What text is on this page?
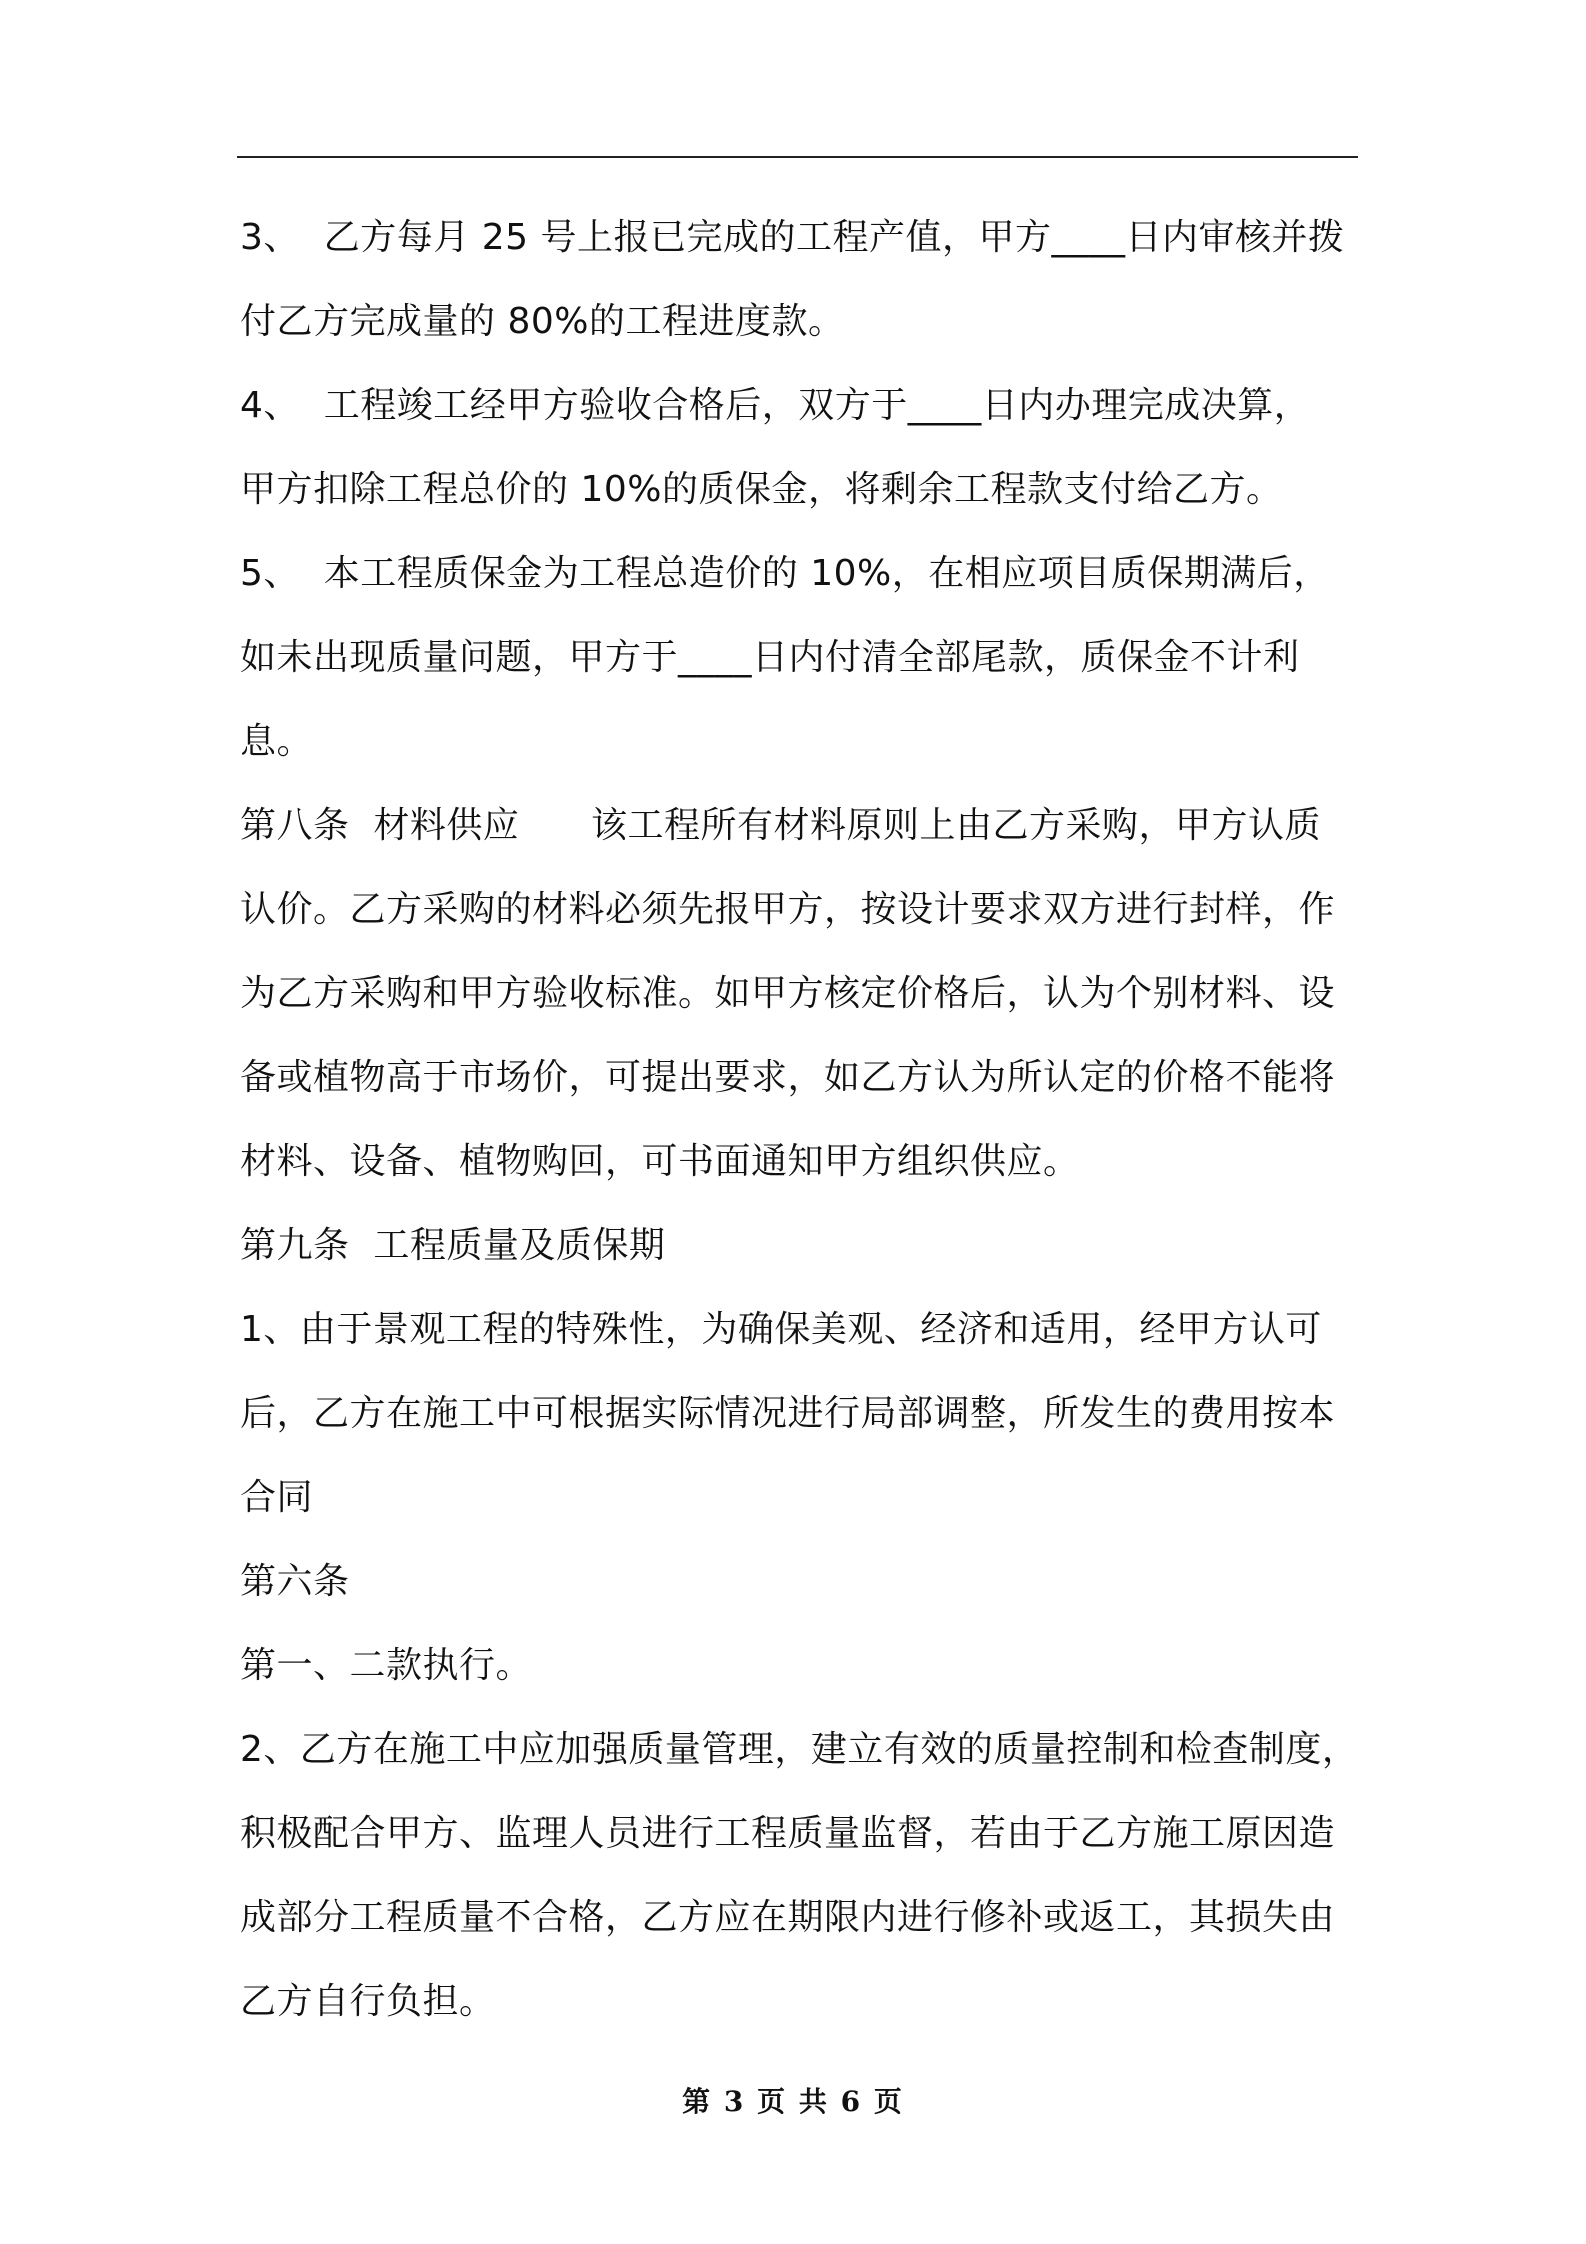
3、  乙方每月 25 号上报已完成的工程产值，甲方____日内审核并拨
付乙方完成量的 80%的工程进度款。
4、  工程竣工经甲方验收合格后，双方于____日内办理完成决算，
甲方扣除工程总价的 10%的质保金，将剩余工程款支付给乙方。
5、  本工程质保金为工程总造价的 10%，在相应项目质保期满后，
如未出现质量问题，甲方于____日内付清全部尾款，质保金不计利
息。
第八条  材料供应      该工程所有材料原则上由乙方采购，甲方认质
认价。乙方采购的材料必须先报甲方，按设计要求双方进行封样，作
为乙方采购和甲方验收标准。如甲方核定价格后，认为个别材料、设
备或植物高于市场价，可提出要求，如乙方认为所认定的价格不能将
材料、设备、植物购回，可书面通知甲方组织供应。
第九条  工程质量及质保期
1、由于景观工程的特殊性，为确保美观、经济和适用，经甲方认可
后，乙方在施工中可根据实际情况进行局部调整，所发生的费用按本
合同
第六条
第一、二款执行。
2、乙方在施工中应加强质量管理，建立有效的质量控制和检查制度，
积极配合甲方、监理人员进行工程质量监督，若由于乙方施工原因造
成部分工程质量不合格，乙方应在期限内进行修补或返工，其损失由
乙方自行负担。
第 3 页 共 6 页
